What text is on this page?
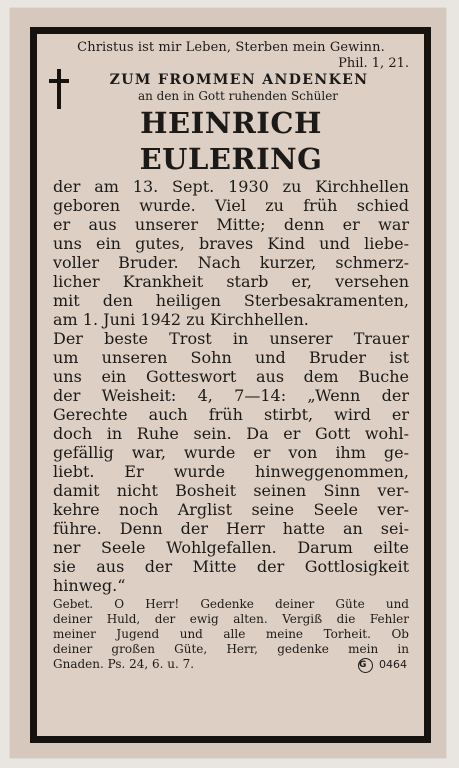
Christus ist mir Leben, Sterben mein Gewinn.
Phil. 1, 21.
ZUM FROMMEN ANDENKEN
an den in Gott ruhenden Schüler
HEINRICH EULERING
der am 13. Sept. 1930 zu Kirchhellen
geboren wurde. Viel zu früh schied
er aus unserer Mitte; denn er war
uns ein gutes, braves Kind und liebe-
voller Bruder. Nach kurzer, schmerz-
licher Krankheit starb er, versehen
mit den heiligen Sterbesakramenten,
am 1. Juni 1942 zu Kirchhellen.
Der beste Trost in unserer Trauer
um unseren Sohn und Bruder ist
uns ein Gotteswort aus dem Buche
der Weisheit: 4, 7—14: „Wenn der
Gerechte auch früh stirbt, wird er
doch in Ruhe sein. Da er Gott wohl-
gefällig war, wurde er von ihm ge-
liebt. Er wurde hinweggenommen,
damit nicht Bosheit seinen Sinn ver-
kehre noch Arglist seine Seele ver-
führe. Denn der Herr hatte an sei-
ner Seele Wohlgefallen. Darum eilte
sie aus der Mitte der Gottlosigkeit
hinweg.“
Gebet. O Herr! Gedenke deiner Güte und
deiner Huld, der ewig alten. Vergiß die Fehler
meiner Jugend und alle meine Torheit. Ob
deiner großen Güte, Herr, gedenke mein in
Gnaden. Ps. 24, 6. u. 7.	G 0464
